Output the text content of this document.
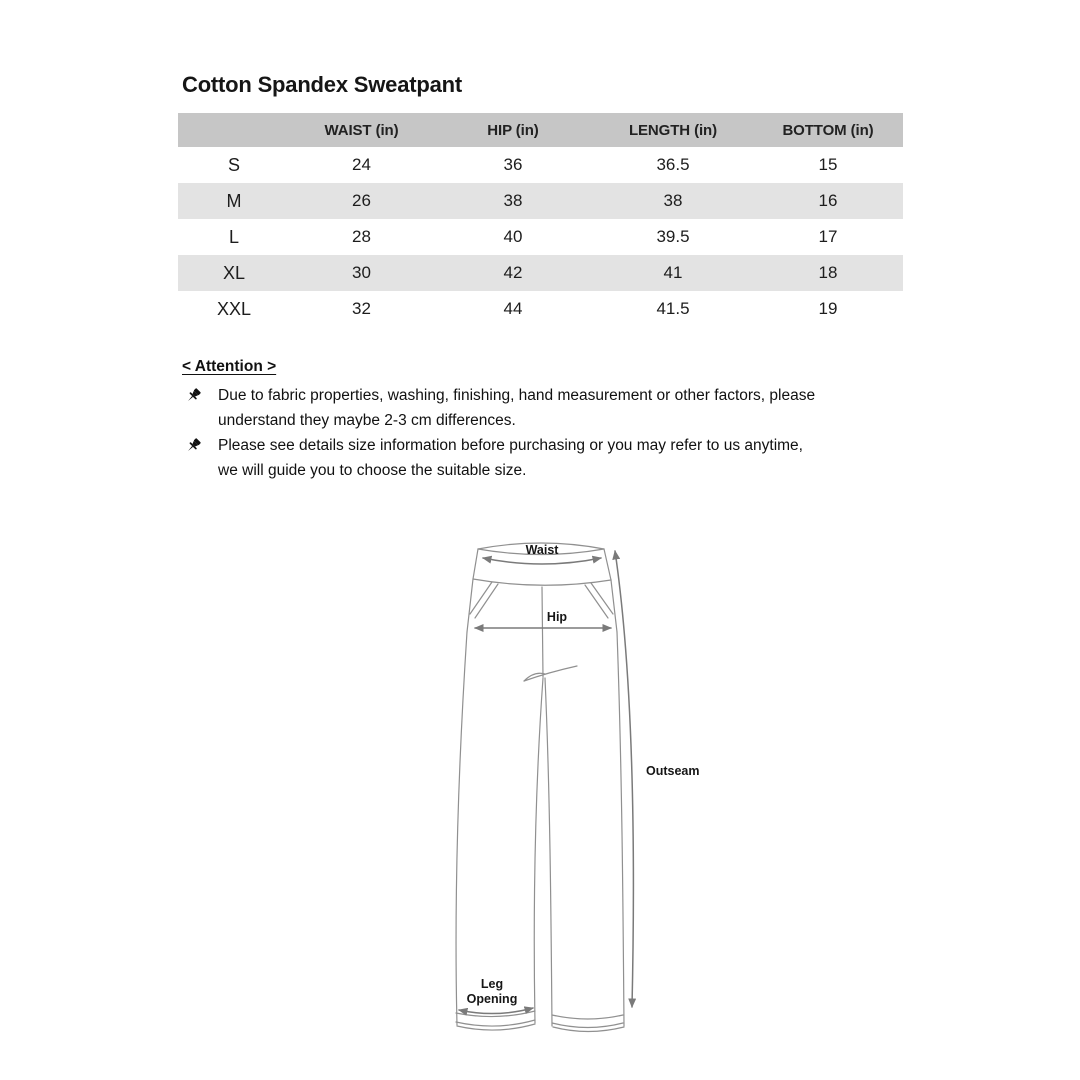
Cotton Spandex Sweatpant
	WAIST (in)	HIP (in)	LENGTH (in)	BOTTOM (in)
S	24	36	36.5	15
M	26	38	38	16
L	28	40	39.5	17
XL	30	42	41	18
XXL	32	44	41.5	19
< Attention >
Due to fabric properties, washing, finishing, hand measurement or other factors, please understand they maybe 2-3 cm differences.
Please see details size information before purchasing or you may refer to us anytime, we will guide you to choose the suitable size.
Waist
Hip
Outseam
Leg
Opening
